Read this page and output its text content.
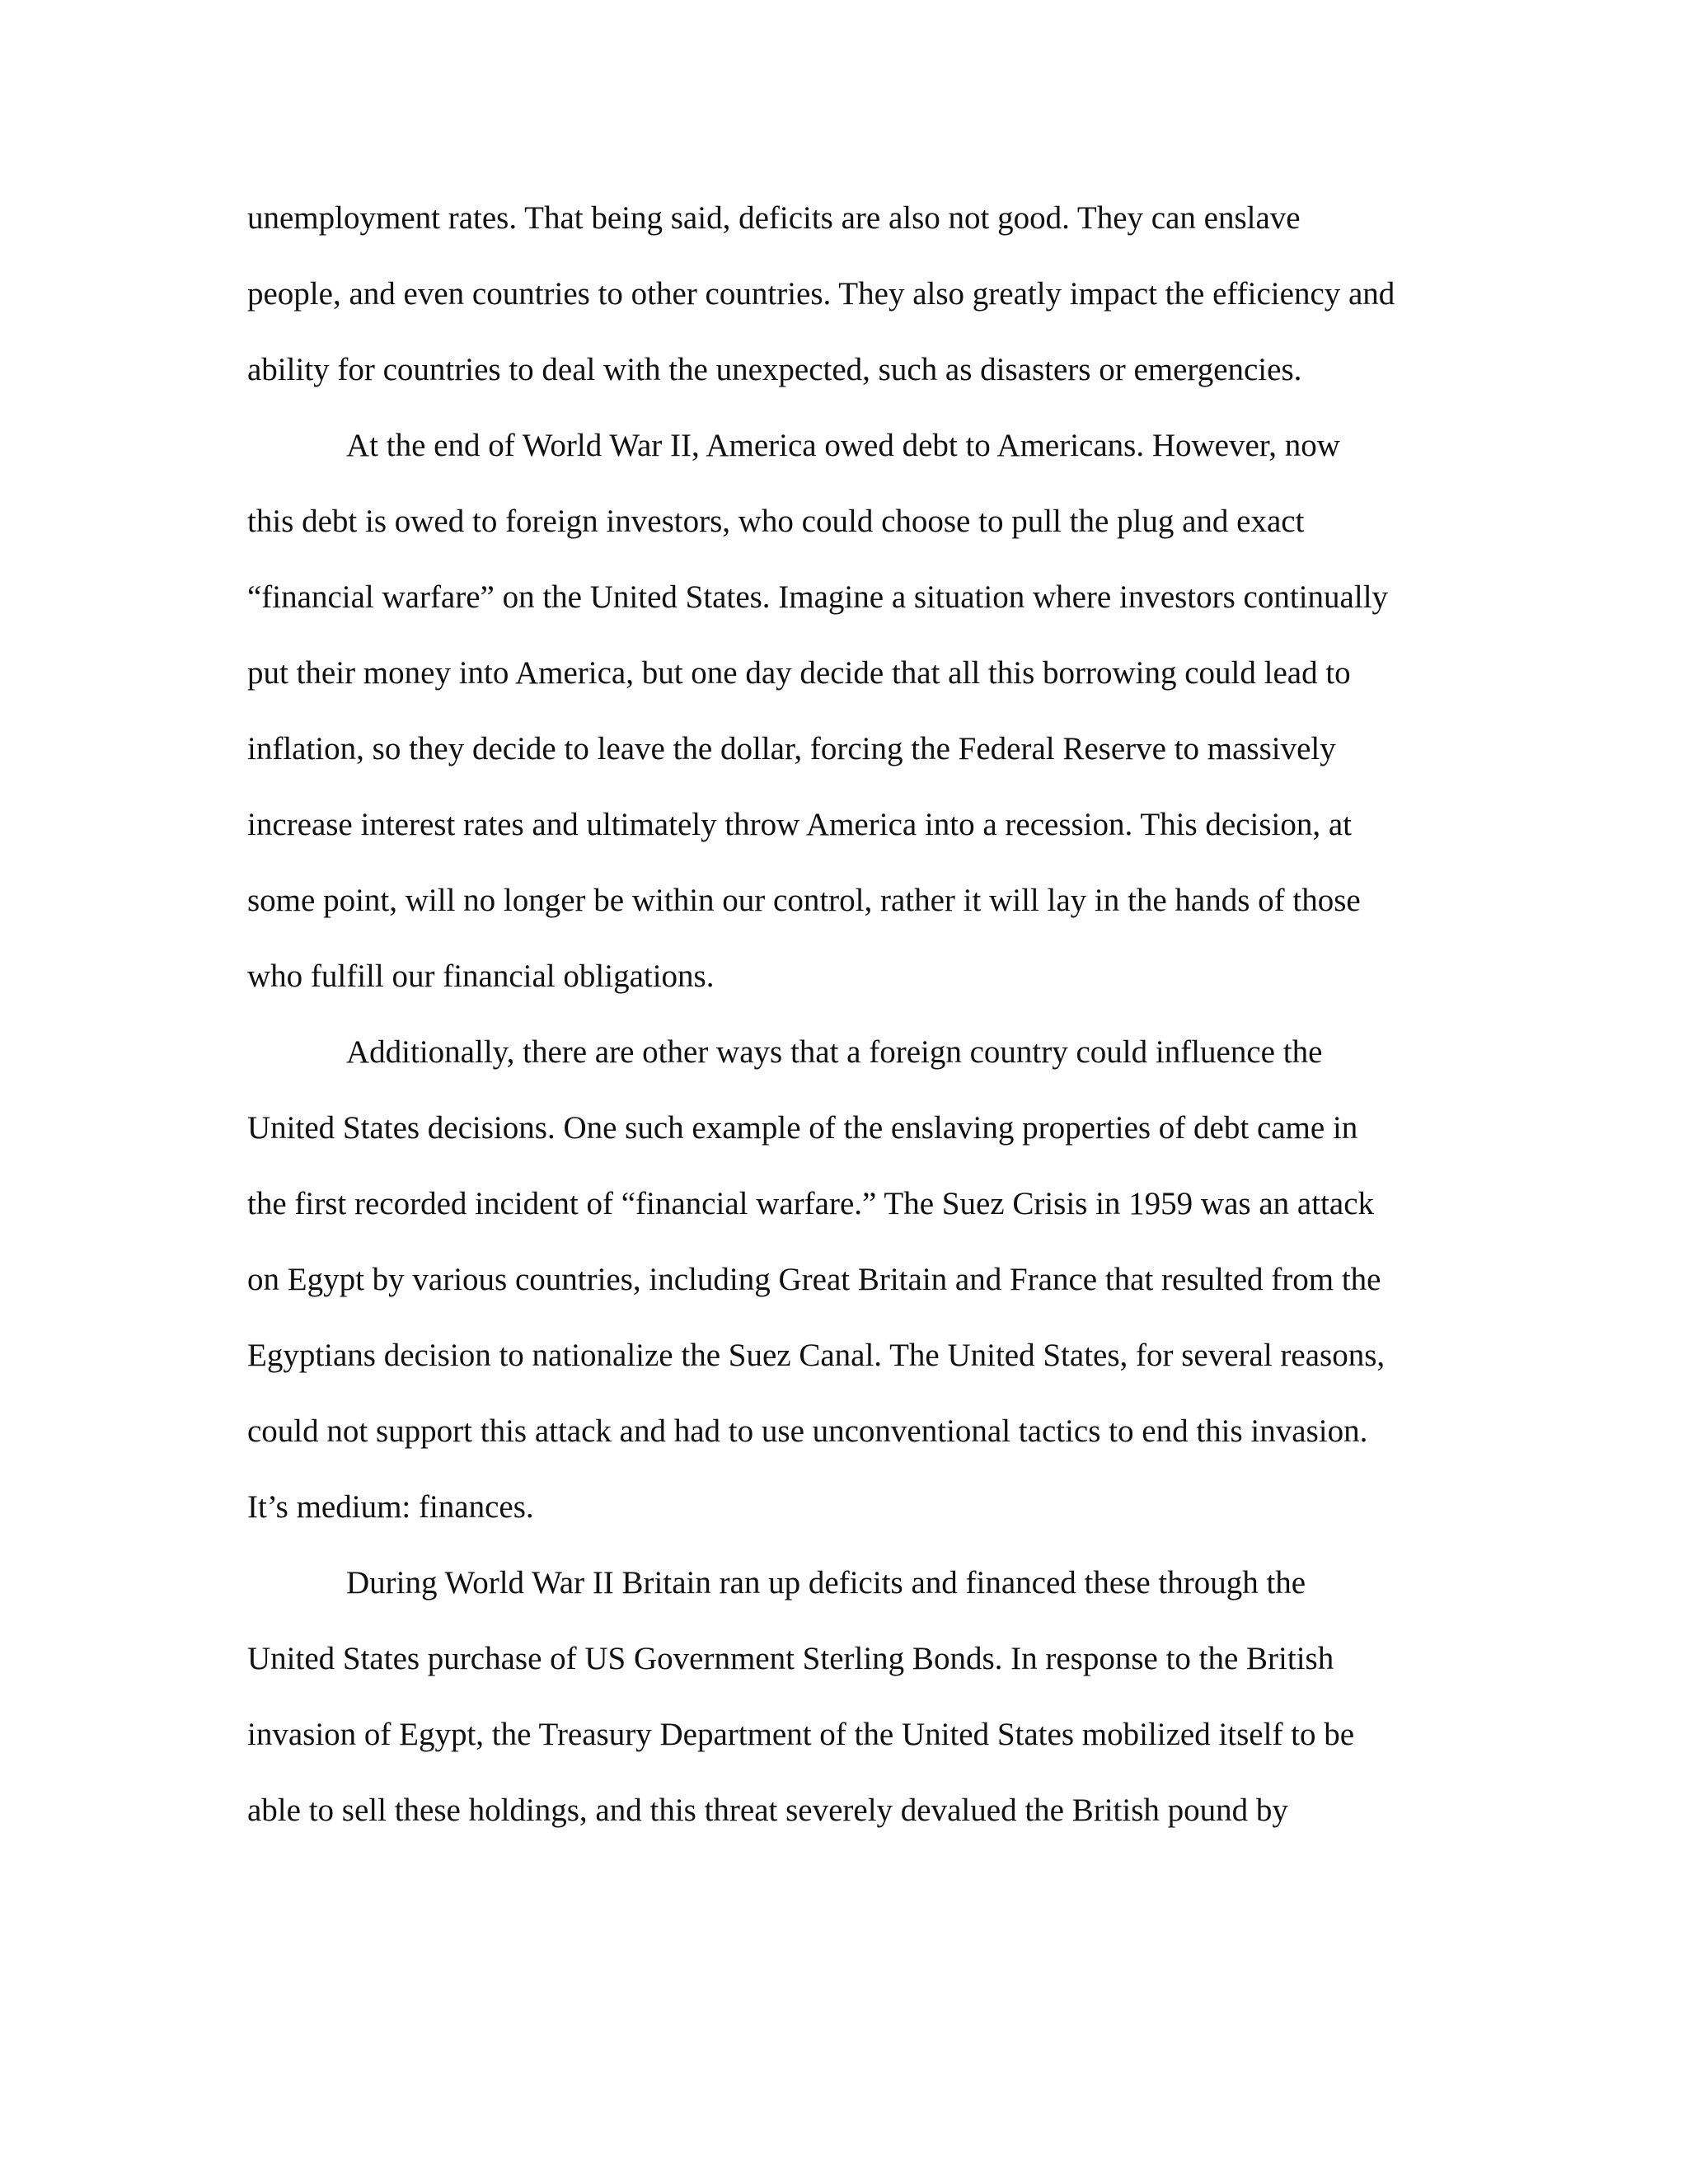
unemployment rates. That being said, deficits are also not good. They can enslave
people, and even countries to other countries. They also greatly impact the efficiency and
ability for countries to deal with the unexpected, such as disasters or emergencies.
At the end of World War II, America owed debt to Americans. However, now
this debt is owed to foreign investors, who could choose to pull the plug and exact
“financial warfare” on the United States. Imagine a situation where investors continually
put their money into America, but one day decide that all this borrowing could lead to
inflation, so they decide to leave the dollar, forcing the Federal Reserve to massively
increase interest rates and ultimately throw America into a recession. This decision, at
some point, will no longer be within our control, rather it will lay in the hands of those
who fulfill our financial obligations.
Additionally, there are other ways that a foreign country could influence the
United States decisions. One such example of the enslaving properties of debt came in
the first recorded incident of “financial warfare.” The Suez Crisis in 1959 was an attack
on Egypt by various countries, including Great Britain and France that resulted from the
Egyptians decision to nationalize the Suez Canal. The United States, for several reasons,
could not support this attack and had to use unconventional tactics to end this invasion.
It’s medium: finances.
During World War II Britain ran up deficits and financed these through the
United States purchase of US Government Sterling Bonds. In response to the British
invasion of Egypt, the Treasury Department of the United States mobilized itself to be
able to sell these holdings, and this threat severely devalued the British pound by
